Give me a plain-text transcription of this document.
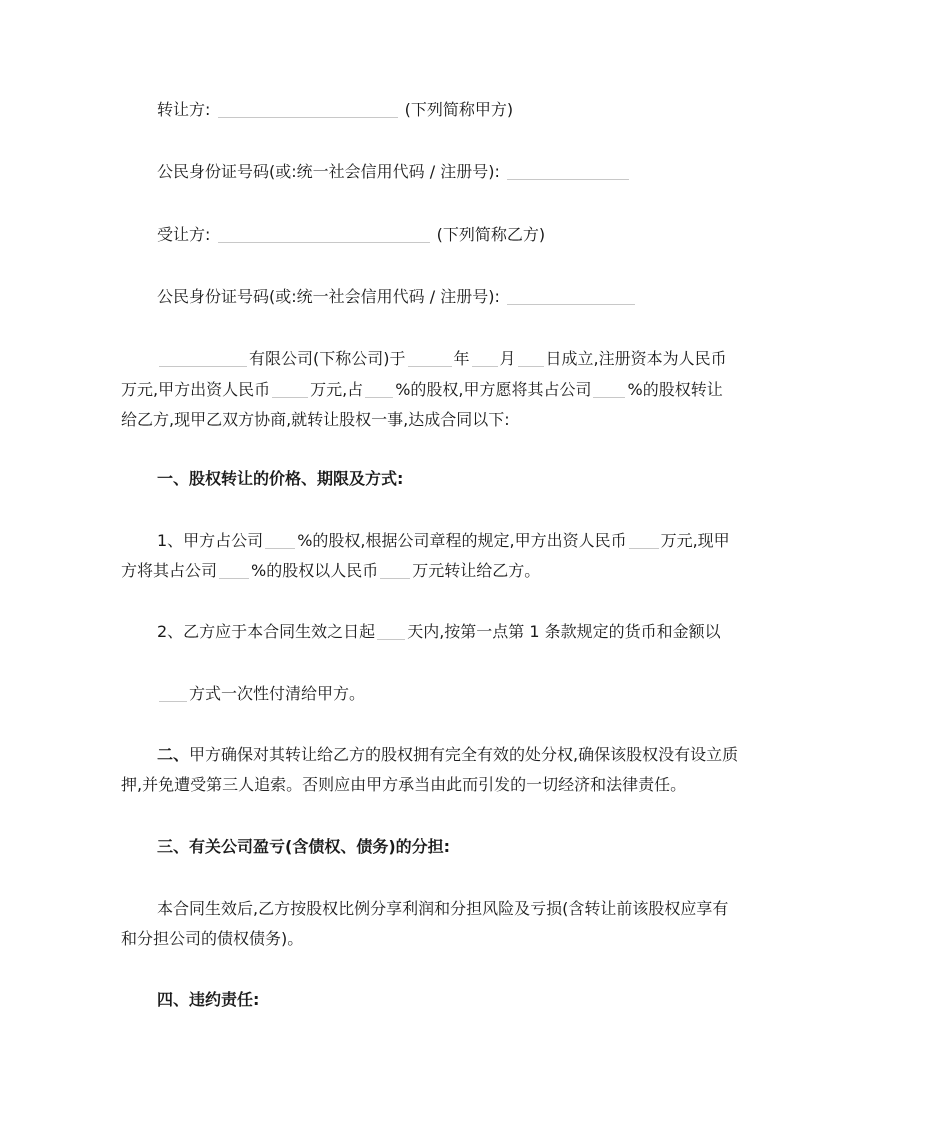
转让方:	(下列简称甲方)
公民身份证号码(或:统一社会信用代码 / 注册号):
受让方:	(下列简称乙方)
公民身份证号码(或:统一社会信用代码 / 注册号):
有限公司(下称公司)于	年 月 日成立,注册资本为人民币
万元,甲方出资人民币	万元,占 %的股权,甲方愿将其占公司 %的股权转让
给乙方,现甲乙双方协商,就转让股权一事,达成合同以下:
一、股权转让的价格、期限及方式:
1、甲方占公司 %的股权,根据公司章程的规定,甲方出资人民币 万元,现甲
方将其占公司 %的股权以人民币 万元转让给乙方。
2、乙方应于本合同生效之日起 天内,按第一点第 1 条款规定的货币和金额以
方式一次性付清给甲方。
二、甲方确保对其转让给乙方的股权拥有完全有效的处分权,确保该股权没有设立质
押,并免遭受第三人追索。否则应由甲方承当由此而引发的一切经济和法律责任。
三、有关公司盈亏(含债权、债务)的分担:
本合同生效后,乙方按股权比例分享利润和分担风险及亏损(含转让前该股权应享有
和分担公司的债权债务)。
四、违约责任:
